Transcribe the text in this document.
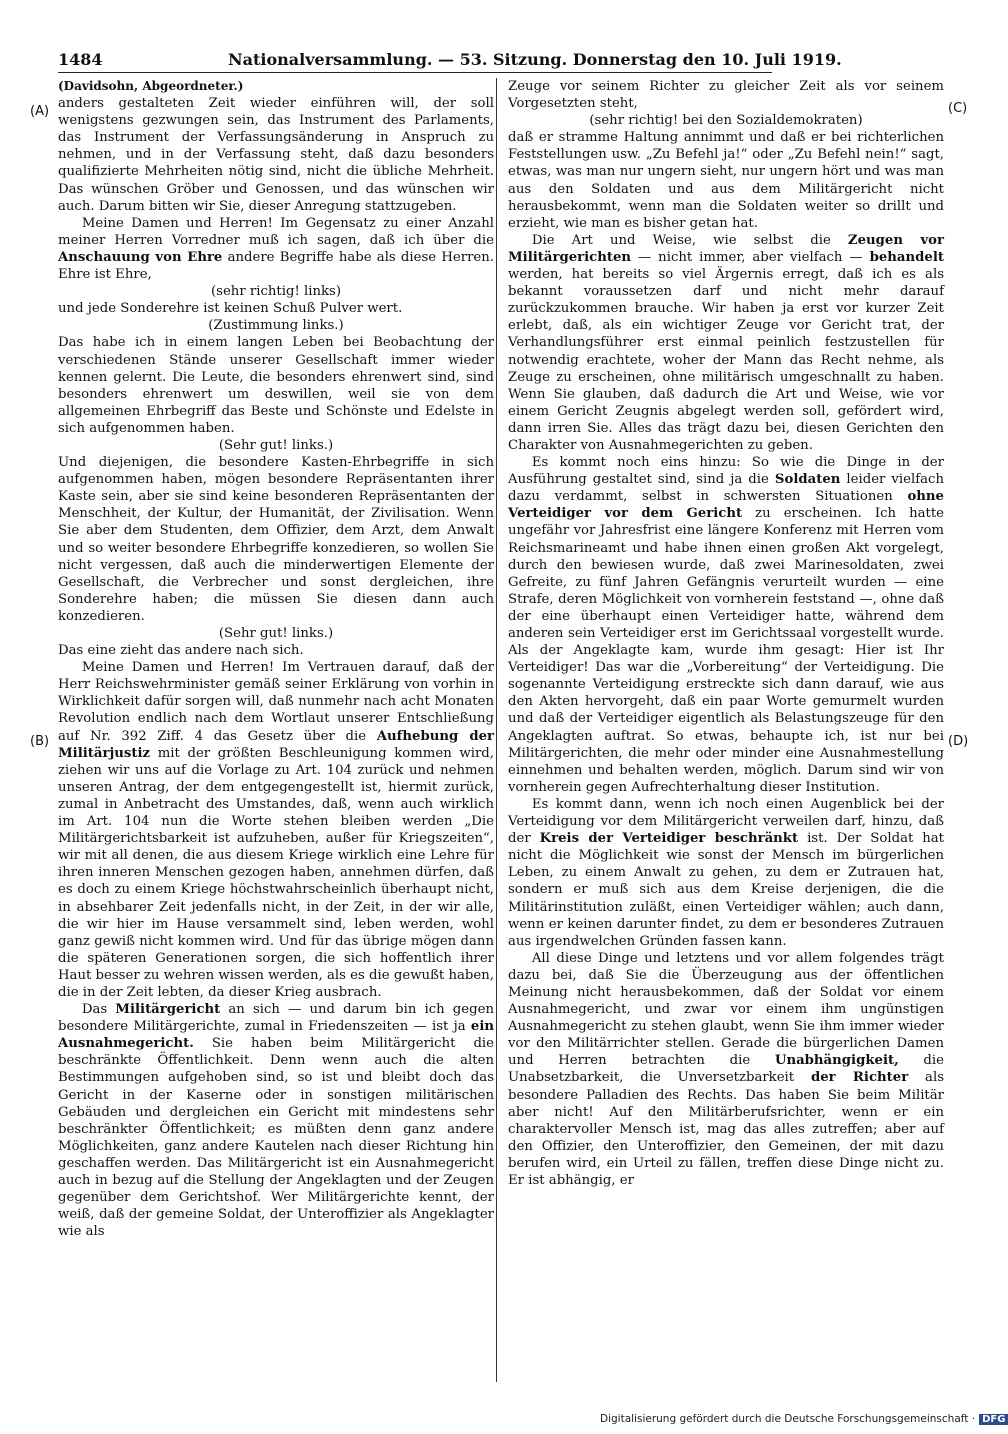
1484	Nationalversammlung. — 53. Sitzung. Donnerstag den 10. Juli 1919.
(A)
(B)
(C)
(D)

(Davidsohn, Abgeordneter.)

anders gestalteten Zeit wieder einführen will, der soll wenigstens gezwungen sein, das Instrument des Parlaments, das Instrument der Verfassungsänderung in Anspruch zu nehmen, und in der Verfassung steht, daß dazu besonders qualifizierte Mehrheiten nötig sind, nicht die übliche Mehrheit. Das wünschen Gröber und Genossen, und das wünschen wir auch. Darum bitten wir Sie, dieser Anregung stattzugeben.

Meine Damen und Herren! Im Gegensatz zu einer Anzahl meiner Herren Vorredner muß ich sagen, daß ich über die Anschauung von Ehre andere Begriffe habe als diese Herren. Ehre ist Ehre,

(sehr richtig! links)

und jede Sonderehre ist keinen Schuß Pulver wert.

(Zustimmung links.)

Das habe ich in einem langen Leben bei Beobachtung der verschiedenen Stände unserer Gesellschaft immer wieder kennen gelernt. Die Leute, die besonders ehrenwert sind, sind besonders ehrenwert um deswillen, weil sie von dem allgemeinen Ehrbegriff das Beste und Schönste und Edelste in sich aufgenommen haben.

(Sehr gut! links.)

Und diejenigen, die besondere Kasten-Ehrbegriffe in sich aufgenommen haben, mögen besondere Repräsentanten ihrer Kaste sein, aber sie sind keine besonderen Repräsentanten der Menschheit, der Kultur, der Humanität, der Zivilisation. Wenn Sie aber dem Studenten, dem Offizier, dem Arzt, dem Anwalt und so weiter besondere Ehrbegriffe konzedieren, so wollen Sie nicht vergessen, daß auch die minderwertigen Elemente der Gesellschaft, die Verbrecher und sonst dergleichen, ihre Sonderehre haben; die müssen Sie diesen dann auch konzedieren.

(Sehr gut! links.)

Das eine zieht das andere nach sich.

Meine Damen und Herren! Im Vertrauen darauf, daß der Herr Reichswehrminister gemäß seiner Erklärung von vorhin in Wirklichkeit dafür sorgen will, daß nunmehr nach acht Monaten Revolution endlich nach dem Wortlaut unserer Entschließung auf Nr. 392 Ziff. 4 das Gesetz über die Aufhebung der Militärjustiz mit der größten Beschleunigung kommen wird, ziehen wir uns auf die Vorlage zu Art. 104 zurück und nehmen unseren Antrag, der dem entgegengestellt ist, hiermit zurück, zumal in Anbetracht des Umstandes, daß, wenn auch wirklich im Art. 104 nun die Worte stehen bleiben werden „Die Militärgerichtsbarkeit ist aufzuheben, außer für Kriegszeiten“, wir mit all denen, die aus diesem Kriege wirklich eine Lehre für ihren inneren Menschen gezogen haben, annehmen dürfen, daß es doch zu einem Kriege höchstwahrscheinlich überhaupt nicht, in absehbarer Zeit jedenfalls nicht, in der Zeit, in der wir alle, die wir hier im Hause versammelt sind, leben werden, wohl ganz gewiß nicht kommen wird. Und für das übrige mögen dann die späteren Generationen sorgen, die sich hoffentlich ihrer Haut besser zu wehren wissen werden, als es die gewußt haben, die in der Zeit lebten, da dieser Krieg ausbrach.

Das Militärgericht an sich — und darum bin ich gegen besondere Militärgerichte, zumal in Friedenszeiten — ist ja ein Ausnahmegericht. Sie haben beim Militärgericht die beschränkte Öffentlichkeit. Denn wenn auch die alten Bestimmungen aufgehoben sind, so ist und bleibt doch das Gericht in der Kaserne oder in sonstigen militärischen Gebäuden und dergleichen ein Gericht mit mindestens sehr beschränkter Öffentlichkeit; es müßten denn ganz andere Möglichkeiten, ganz andere Kautelen nach dieser Richtung hin geschaffen werden. Das Militärgericht ist ein Ausnahmegericht auch in bezug auf die Stellung der Angeklagten und der Zeugen gegenüber dem Gerichtshof. Wer Militärgerichte kennt, der weiß, daß der gemeine Soldat, der Unteroffizier als Angeklagter wie als

Zeuge vor seinem Richter zu gleicher Zeit als vor seinem Vorgesetzten steht,

(sehr richtig! bei den Sozialdemokraten)

daß er stramme Haltung annimmt und daß er bei richterlichen Feststellungen usw. „Zu Befehl ja!“ oder „Zu Befehl nein!“ sagt, etwas, was man nur ungern sieht, nur ungern hört und was man aus den Soldaten und aus dem Militärgericht nicht herausbekommt, wenn man die Soldaten weiter so drillt und erzieht, wie man es bisher getan hat.

Die Art und Weise, wie selbst die Zeugen vor Militärgerichten — nicht immer, aber vielfach — behandelt werden, hat bereits so viel Ärgernis erregt, daß ich es als bekannt voraussetzen darf und nicht mehr darauf zurückzukommen brauche. Wir haben ja erst vor kurzer Zeit erlebt, daß, als ein wichtiger Zeuge vor Gericht trat, der Verhandlungsführer erst einmal peinlich festzustellen für notwendig erachtete, woher der Mann das Recht nehme, als Zeuge zu erscheinen, ohne militärisch umgeschnallt zu haben. Wenn Sie glauben, daß dadurch die Art und Weise, wie vor einem Gericht Zeugnis abgelegt werden soll, gefördert wird, dann irren Sie. Alles das trägt dazu bei, diesen Gerichten den Charakter von Ausnahmegerichten zu geben.

Es kommt noch eins hinzu: So wie die Dinge in der Ausführung gestaltet sind, sind ja die Soldaten leider vielfach dazu verdammt, selbst in schwersten Situationen ohne Verteidiger vor dem Gericht zu erscheinen. Ich hatte ungefähr vor Jahresfrist eine längere Konferenz mit Herren vom Reichsmarineamt und habe ihnen einen großen Akt vorgelegt, durch den bewiesen wurde, daß zwei Marinesoldaten, zwei Gefreite, zu fünf Jahren Gefängnis verurteilt wurden — eine Strafe, deren Möglichkeit von vornherein feststand —, ohne daß der eine überhaupt einen Verteidiger hatte, während dem anderen sein Verteidiger erst im Gerichtssaal vorgestellt wurde. Als der Angeklagte kam, wurde ihm gesagt: Hier ist Ihr Verteidiger! Das war die „Vorbereitung“ der Verteidigung. Die sogenannte Verteidigung erstreckte sich dann darauf, wie aus den Akten hervorgeht, daß ein paar Worte gemurmelt wurden und daß der Verteidiger eigentlich als Belastungszeuge für den Angeklagten auftrat. So etwas, behaupte ich, ist nur bei Militärgerichten, die mehr oder minder eine Ausnahmestellung einnehmen und behalten werden, möglich. Darum sind wir von vornherein gegen Aufrechterhaltung dieser Institution.

Es kommt dann, wenn ich noch einen Augenblick bei der Verteidigung vor dem Militärgericht verweilen darf, hinzu, daß der Kreis der Verteidiger beschränkt ist. Der Soldat hat nicht die Möglichkeit wie sonst der Mensch im bürgerlichen Leben, zu einem Anwalt zu gehen, zu dem er Zutrauen hat, sondern er muß sich aus dem Kreise derjenigen, die die Militärinstitution zuläßt, einen Verteidiger wählen; auch dann, wenn er keinen darunter findet, zu dem er besonderes Zutrauen aus irgendwelchen Gründen fassen kann.

All diese Dinge und letztens und vor allem folgendes trägt dazu bei, daß Sie die Überzeugung aus der öffentlichen Meinung nicht herausbekommen, daß der Soldat vor einem Ausnahmegericht, und zwar vor einem ihm ungünstigen Ausnahmegericht zu stehen glaubt, wenn Sie ihm immer wieder vor den Militärrichter stellen. Gerade die bürgerlichen Damen und Herren betrachten die Unabhängigkeit, die Unabsetzbarkeit, die Unversetzbarkeit der Richter als besondere Palladien des Rechts. Das haben Sie beim Militär aber nicht! Auf den Militärberufsrichter, wenn er ein charaktervoller Mensch ist, mag das alles zutreffen; aber auf den Offizier, den Unteroffizier, den Gemeinen, der mit dazu berufen wird, ein Urteil zu fällen, treffen diese Dinge nicht zu. Er ist abhängig, er

Digitalisierung gefördert durch die Deutsche Forschungsgemeinschaft · DFG
